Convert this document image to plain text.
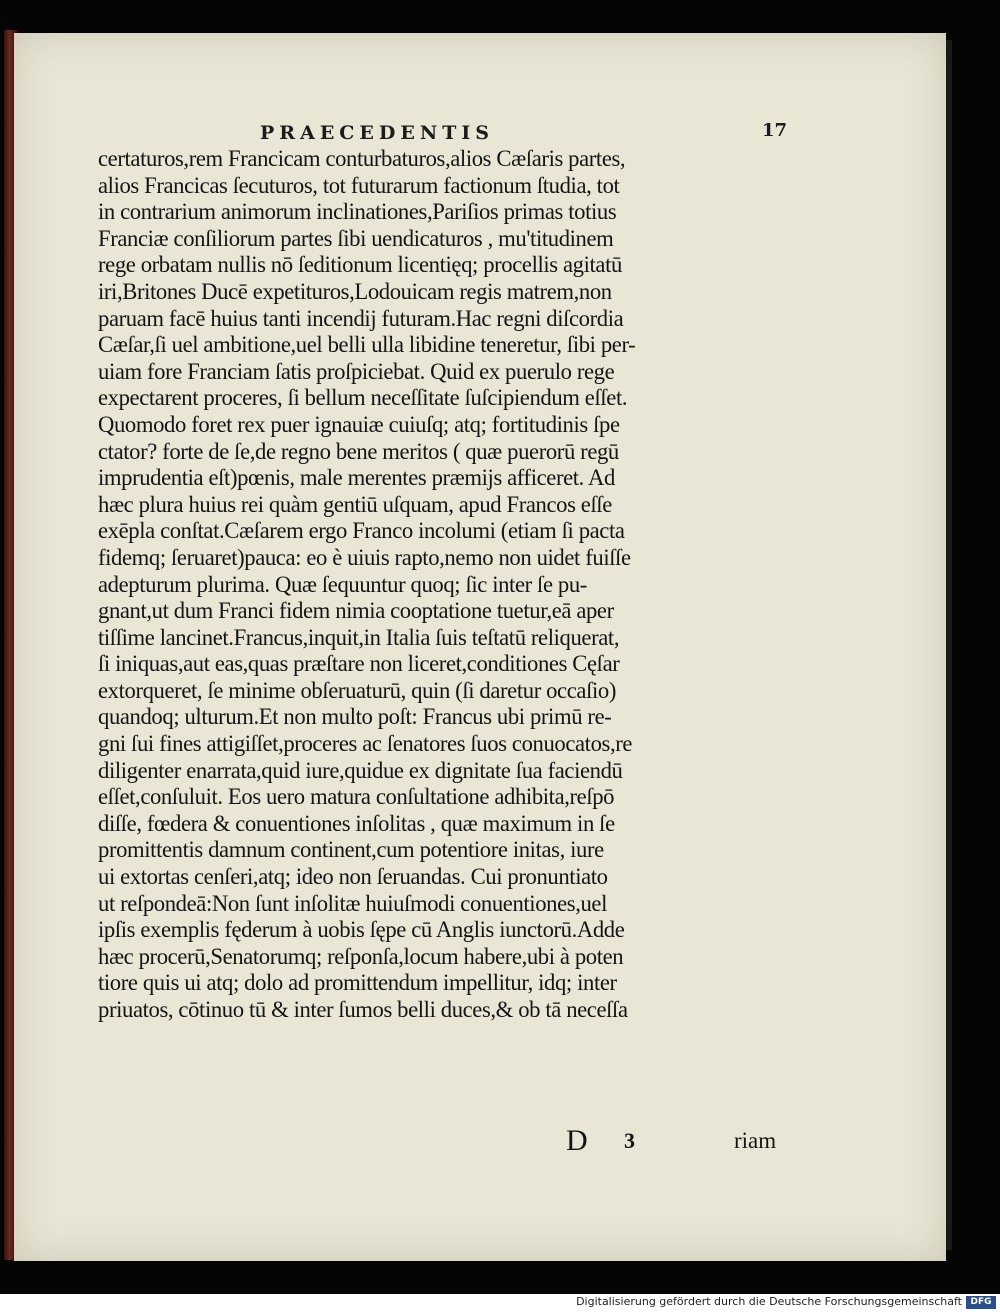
PRAECEDENTIS	17
certaturos,rem Francicam conturbaturos,alios Cæſaris partes,
alios Francicas ſecuturos, tot futurarum factionum ſtudia, tot
in contrarium animorum inclinationes,Pariſios primas totius
Franciæ conſiliorum partes ſibi uendicaturos , mu'titudinem
rege orbatam nullis nō ſeditionum licentięq; procellis agitatū
iri,Britones Ducē expetituros,Lodouicam regis matrem,non
paruam facē huius tanti incendij futuram.Hac regni diſcordia
Cæſar,ſi uel ambitione,uel belli ulla libidine teneretur, ſibi per-
uiam fore Franciam ſatis proſpiciebat. Quid ex puerulo rege
expectarent proceres, ſi bellum neceſſitate ſuſcipiendum eſſet.
Quomodo foret rex puer ignauiæ cuiuſq; atq; fortitudinis ſpe
ctator? forte de ſe,de regno bene meritos ( quæ puerorū regū
imprudentia eſt)pœnis, male merentes præmijs afficeret. Ad
hæc plura huius rei quàm gentiū uſquam, apud Francos eſſe
exēpla conſtat.Cæſarem ergo Franco incolumi (etiam ſi pacta
fidemq; ſeruaret)pauca: eo è uiuis rapto,nemo non uidet fuiſſe
adepturum plurima. Quæ ſequuntur quoq; ſic inter ſe pu-
gnant,ut dum Franci fidem nimia cooptatione tuetur,eā aper
tiſſime lancinet.Francus,inquit,in Italia ſuis teſtatū reliquerat,
ſi iniquas,aut eas,quas præſtare non liceret,conditiones Cęſar
extorqueret, ſe minime obſeruaturū, quin (ſi daretur occaſio)
quandoq; ulturum.Et non multo poſt: Francus ubi primū re-
gni ſui fines attigiſſet,proceres ac ſenatores ſuos conuocatos,re
diligenter enarrata,quid iure,quidue ex dignitate ſua faciendū
eſſet,conſuluit. Eos uero matura conſultatione adhibita,reſpō
diſſe, fœdera & conuentiones inſolitas , quæ maximum in ſe
promittentis damnum continent,cum potentiore initas, iure
ui extortas cenſeri,atq; ideo non ſeruandas. Cui pronuntiato
ut reſpondeā:Non ſunt inſolitæ huiuſmodi conuentiones,uel
ipſis exemplis fęderum à uobis ſępe cū Anglis iunctorū.Adde
hæc procerū,Senatorumq; reſponſa,locum habere,ubi à poten
tiore quis ui atq; dolo ad promittendum impellitur, idq; inter
priuatos, cōtinuo tū & inter ſumos belli duces,& ob tā neceſſa
D 3	riam
Digitalisierung gefördert durch die Deutsche Forschungsgemeinschaft DFG
